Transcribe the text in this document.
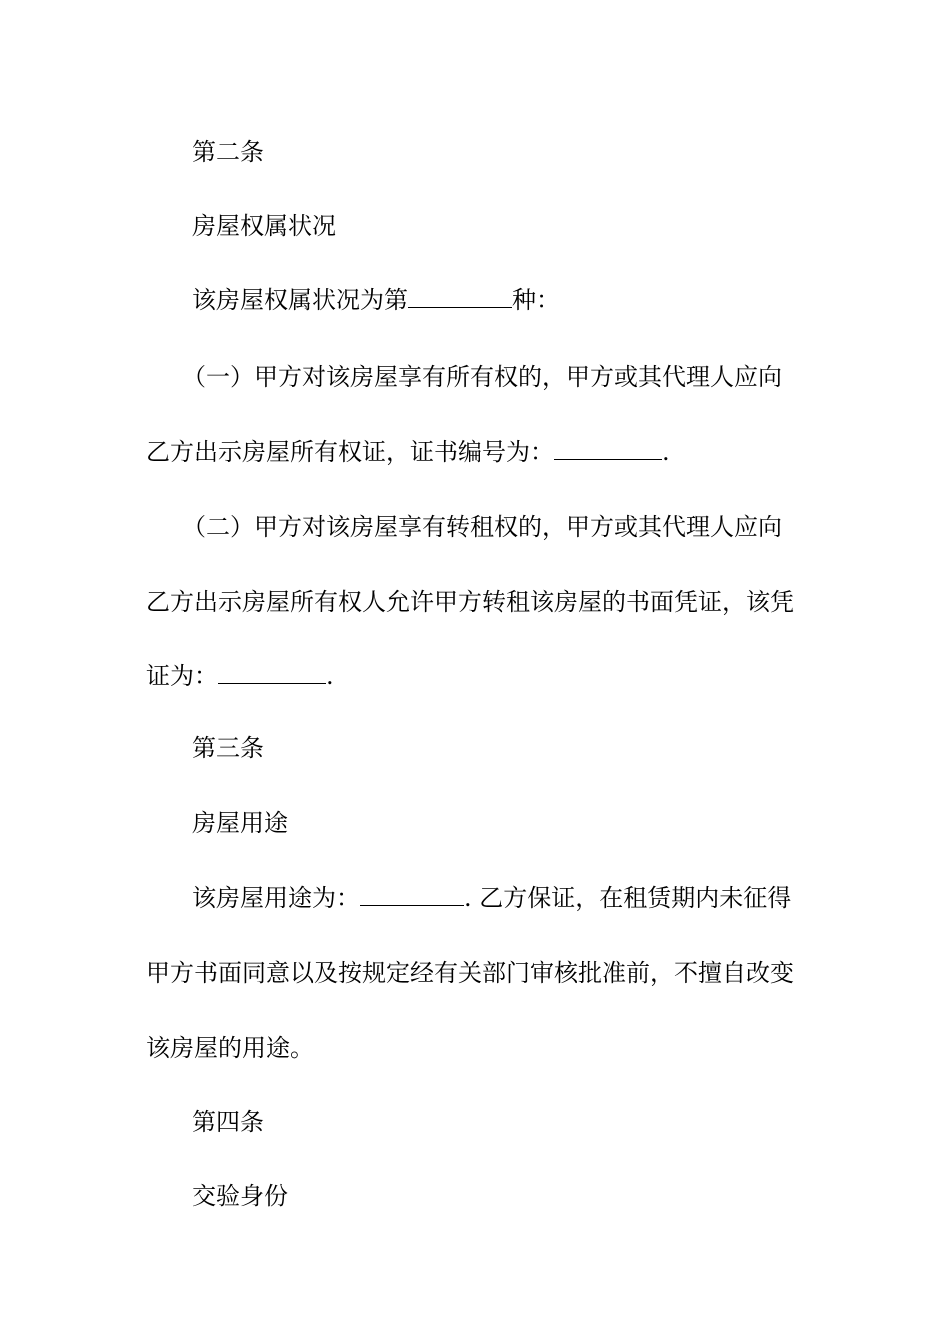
第二条
房屋权属状况
该房屋权属状况为第	种：
（一）甲方对该房屋享有所有权的，甲方或其代理人应向
乙方出示房屋所有权证，证书编号为：	.
（二）甲方对该房屋享有转租权的，甲方或其代理人应向
乙方出示房屋所有权人允许甲方转租该房屋的书面凭证，该凭
证为：	.
第三条
房屋用途
该房屋用途为：	. 乙方保证，在租赁期内未征得
甲方书面同意以及按规定经有关部门审核批准前，不擅自改变
该房屋的用途。
第四条
交验身份
